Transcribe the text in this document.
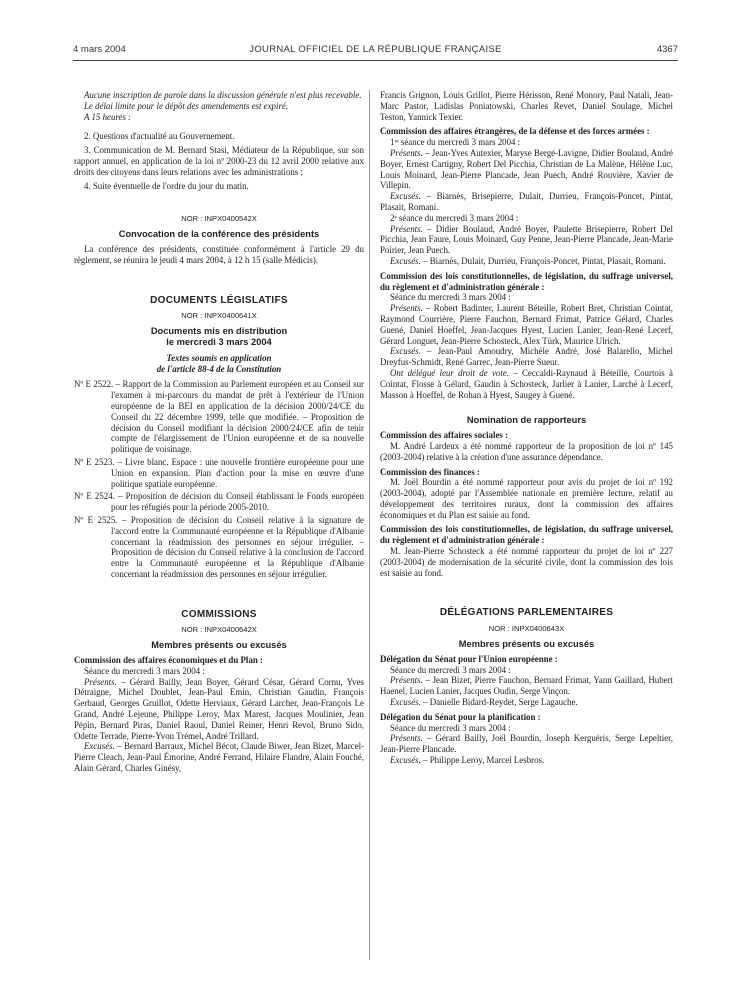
4 mars 2004	JOURNAL OFFICIEL DE LA RÉPUBLIQUE FRANÇAISE	4367

Aucune inscription de parole dans la discussion générale n'est plus recevable.

Le délai limite pour le dépôt des amendements est expiré.

A 15 heures :

2. Questions d'actualité au Gouvernement.

3. Communication de M. Bernard Stasi, Médiateur de la République, sur son rapport annuel, en application de la loi nº 2000-23 du 12 avril 2000 relative aux droits des citoyens dans leurs relations avec les administrations ;

4. Suite éventuelle de l'ordre du jour du matin.

NOR : INPX0400542X

Convocation de la conférence des présidents

La conférence des présidents, constituée conformément à l'article 29 du règlement, se réunira le jeudi 4 mars 2004, à 12 h 15 (salle Médicis).

DOCUMENTS LÉGISLATIFS

NOR : INPX0400641X

Documents mis en distribution

le mercredi 3 mars 2004

Textes soumis en application

de l'article 88-4 de la Constitution

Nº E 2522. – Rapport de la Commission au Parlement européen et au Conseil sur l'examen à mi-parcours du mandat de prêt à l'extérieur de l'Union européenne de la BEI en application de la décision 2000/24/CE du Conseil du 22 décembre 1999, telle que modifiée. – Proposition de décision du Conseil modifiant la décision 2000/24/CE afin de tenir compte de l'élargissement de l'Union européenne et de sa nouvelle politique de voisinage.

Nº E 2523. – Livre blanc. Espace : une nouvelle frontière européenne pour une Union en expansion. Plan d'action pour la mise en œuvre d'une politique spatiale européenne.

Nº E 2524. – Proposition de décision du Conseil établissant le Fonds européen pour les réfugiés pour la période 2005-2010.

Nº E 2525. – Proposition de décision du Conseil relative à la signature de l'accord entre la Communauté européenne et la République d'Albanie concernant la réadmission des personnes en séjour irrégulier. – Proposition de décision du Conseil relative à la conclusion de l'accord entre la Communauté européenne et la République d'Albanie concernant la réadmission des personnes en séjour irrégulier.

COMMISSIONS

NOR : INPX0400642X

Membres présents ou excusés

Commission des affaires économiques et du Plan :

Séance du mercredi 3 mars 2004 :

Présents. – Gérard Bailly, Jean Boyer, Gérard César, Gérard Cornu, Yves Détraigne, Michel Doublet, Jean-Paul Emin, Christian Gaudin, François Gerbaud, Georges Gruillot, Odette Herviaux, Gérard Larcher, Jean-François Le Grand, André Lejeune, Philippe Leroy, Max Marest, Jacques Moulinier, Jean Pépin, Bernard Piras, Daniel Raoul, Daniel Reiner, Henri Revol, Bruno Sido, Odette Terrade, Pierre-Yvon Trémel, André Trillard.

Excusés. – Bernard Barraux, Michel Bécot, Claude Biwer, Jean Bizet, Marcel-Pierre Cleach, Jean-Paul Émorine, André Ferrand, Hilaire Flandre, Alain Fouché, Alain Gérard, Charles Ginésy,

Francis Grignon, Louis Grillot, Pierre Hérisson, René Monory, Paul Natali, Jean-Marc Pastor, Ladislas Poniatowski, Charles Revet, Daniel Soulage, Michel Teston, Yannick Texier.

Commission des affaires étrangères, de la défense et des forces armées :

1ʳᵉ séance du mercredi 3 mars 2004 :

Présents. – Jean-Yves Autexier, Maryse Bergé-Lavigne, Didier Boulaud, André Boyer, Ernest Cartigny, Robert Del Picchia, Christian de La Malène, Hélène Luc, Louis Moinard, Jean-Pierre Plancade, Jean Puech, André Rouvière, Xavier de Villepin.

Excusés. – Biarnès, Brisepierre, Dulait, Durrieu, François-Poncet, Pintat, Plasait, Romani.

2ᵉ séance du mercredi 3 mars 2004 :

Présents. – Didier Boulaud, André Boyer, Paulette Brisepierre, Robert Del Picchia, Jean Faure, Louis Moinard, Guy Penne, Jean-Pierre Plancade, Jean-Marie Poirier, Jean Puech.

Excusés. – Biarnès, Dulait, Durrieu, François-Poncet, Pintat, Plasait, Romani.

Commission des lois constitutionnelles, de législation, du suffrage universel, du règlement et d'administration générale :

Séance du mercredi 3 mars 2004 :

Présents. – Robert Badinter, Laurent Béteille, Robert Bret, Christian Cointat, Raymond Courrière, Pierre Fauchon, Bernard Frimat, Patrice Gélard, Charles Guené, Daniel Hoeffel, Jean-Jacques Hyest, Lucien Lanier, Jean-René Lecerf, Gérard Longuet, Jean-Pierre Schosteck, Alex Türk, Maurice Ulrich.

Excusés. – Jean-Paul Amoudry, Michèle André, José Balarello, Michel Dreyfus-Schmidt, René Garrec, Jean-Pierre Sueur.

Ont délégué leur droit de vote. – Ceccaldi-Raynaud à Béteille, Courtois à Cointat, Flosse à Gélard, Gaudin à Schosteck, Jarlier à Lanier, Larché à Lecerf, Masson à Hoeffel, de Rohan à Hyest, Saugey à Guené.

Nomination de rapporteurs

Commission des affaires sociales :

M. André Lardeux a été nommé rapporteur de la proposition de loi nº 145 (2003-2004) relative à la création d'une assurance dépendance.

Commission des finances :

M. Joël Bourdin a été nommé rapporteur pour avis du projet de loi nº 192 (2003-2004), adopté par l'Assemblée nationale en première lecture, relatif au développement des territoires ruraux, dont la commission des affaires économiques et du Plan est saisie au fond.

Commission des lois constitutionnelles, de législation, du suffrage universel, du règlement et d'administration générale :

M. Jean-Pierre Schosteck a été nommé rapporteur du projet de loi nº 227 (2003-2004) de modernisation de la sécurité civile, dont la commission des lois est saisie au fond.

DÉLÉGATIONS PARLEMENTAIRES

NOR : INPX0400643X

Membres présents ou excusés

Délégation du Sénat pour l'Union européenne :

Séance du mercredi 3 mars 2004 :

Présents. – Jean Bizet, Pierre Fauchon, Bernard Frimat, Yann Gaillard, Hubert Haenel, Lucien Lanier, Jacques Oudin, Serge Vinçon.

Excusés. – Danielle Bidard-Reydet, Serge Lagauche.

Délégation du Sénat pour la planification :

Séance du mercredi 3 mars 2004 :

Présents. – Gérard Bailly, Joël Bourdin, Joseph Kerguéris, Serge Lepeltier, Jean-Pierre Plancade.

Excusés. – Philippe Leroy, Marcel Lesbros.
